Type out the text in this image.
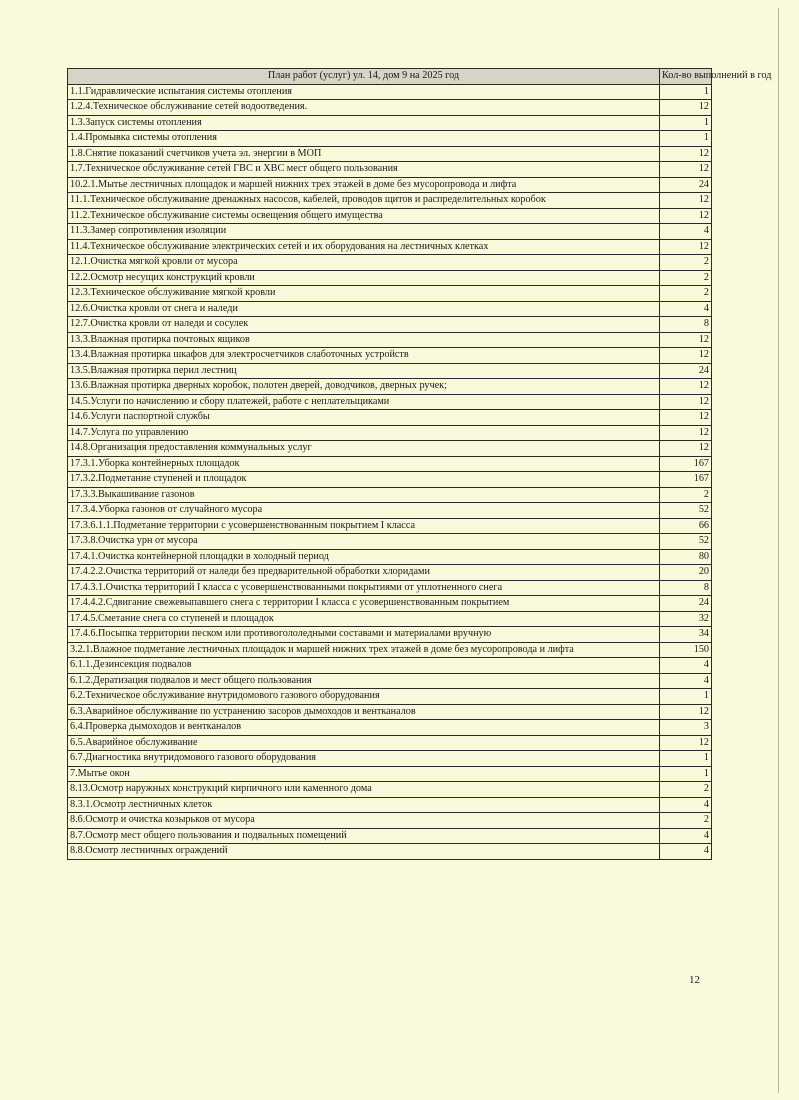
План работ (услуг) ул. 14, дом 9 на 2025 год	Кол-во выполнений в год
1.1.Гидравлические испытания системы отопления	1
1.2.4.Техническое обслуживание сетей водоотведения.	12
1.3.Запуск системы отопления	1
1.4.Промывка системы отопления	1
1.8.Снятие показаний счетчиков учета эл. энергии в МОП	12
1.7.Техническое обслуживание сетей ГВС и ХВС мест общего пользования	12
10.2.1.Мытье лестничных площадок и маршей нижних трех этажей в доме без мусоропровода и лифта	24
11.1.Техническое обслуживание дренажных насосов, кабелей, проводов щитов и распределительных коробок	12
11.2.Техническое обслуживание системы освещения общего имущества	12
11.3.Замер сопротивления изоляции	4
11.4.Техническое обслуживание электрических сетей и их оборудования на лестничных клетках	12
12.1.Очистка мягкой кровли от мусора	2
12.2.Осмотр несущих конструкций кровли	2
12.3.Техническое обслуживание мягкой кровли	2
12.6.Очистка кровли от снега и наледи	4
12.7.Очистка кровли от наледи и сосулек	8
13.3.Влажная протирка почтовых ящиков	12
13.4.Влажная протирка шкафов для электросчетчиков слаботочных устройств	12
13.5.Влажная протирка перил лестниц	24
13.6.Влажная протирка дверных коробок, полотен дверей, доводчиков, дверных ручек;	12
14.5.Услуги по начислению и сбору платежей, работе с неплательщиками	12
14.6.Услуги паспортной службы	12
14.7.Услуга по управлению	12
14.8.Организация предоставления коммунальных услуг	12
17.3.1.Уборка контейнерных площадок	167
17.3.2.Подметание ступеней и площадок	167
17.3.3.Выкашивание газонов	2
17.3.4.Уборка газонов от случайного мусора	52
17.3.6.1.1.Подметание территории с усовершенствованным покрытием I класса	66
17.3.8.Очистка урн от мусора	52
17.4.1.Очистка контейнерной площадки в холодный период	80
17.4.2.2.Очистка территорий от наледи без предварительной обработки хлоридами	20
17.4.3.1.Очистка территорий I класса с усовершенствованными покрытиями от уплотненного снега	8
17.4.4.2.Сдвигание свежевыпавшего снега с территории I класса с усовершенствованным покрытием	24
17.4.5.Сметание снега со ступеней и площадок	32
17.4.6.Посыпка территории песком или противогололедными составами и материалами вручную	34
3.2.1.Влажное подметание лестничных площадок и маршей нижних трех этажей в доме без мусоропровода и лифта	150
6.1.1.Дезинсекция подвалов	4
6.1.2.Дератизация подвалов и мест общего пользования	4
6.2.Техническое обслуживание внутридомового газового оборудования	1
6.3.Аварийное обслуживание по устранению засоров дымоходов и вентканалов	12
6.4.Проверка дымоходов и вентканалов	3
6.5.Аварийное обслуживание	12
6.7.Диагностика внутридомового газового оборудования	1
7.Мытье окон	1
8.13.Осмотр наружных конструкций кирпичного или каменного дома	2
8.3.1.Осмотр лестничных клеток	4
8.6.Осмотр и очистка козырьков от мусора	2
8.7.Осмотр мест общего пользования и подвальных помещений	4
8.8.Осмотр лестничных ограждений	4
12
